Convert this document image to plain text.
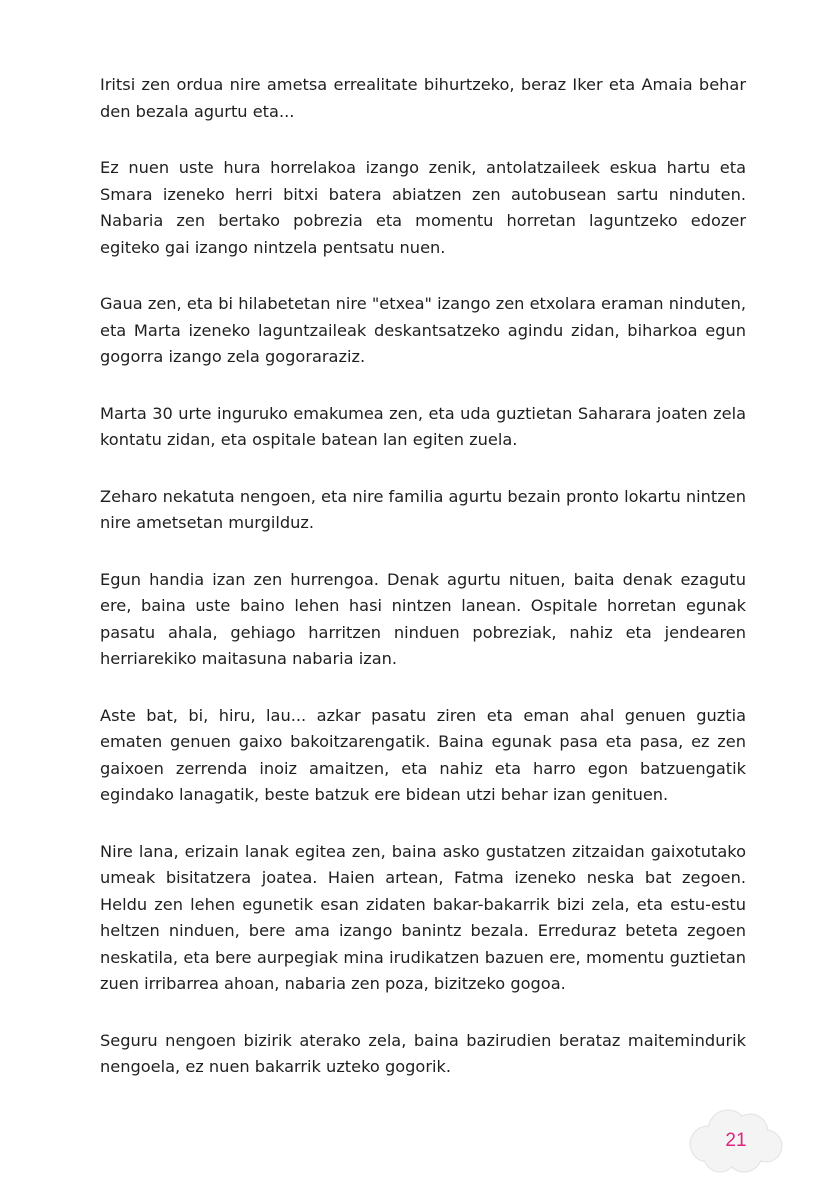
Iritsi zen ordua nire ametsa errealitate bihurtzeko, beraz Iker eta Amaia behar den bezala agurtu eta...

Ez nuen uste hura horrelakoa izango zenik, antolatzaileek eskua hartu eta Smara izeneko herri bitxi batera abiatzen zen autobusean sartu ninduten. Nabaria zen bertako pobrezia eta momentu horretan laguntzeko edozer egiteko gai izango nintzela pentsatu nuen.

Gaua zen, eta bi hilabetetan nire "etxea" izango zen etxolara eraman ninduten, eta Marta izeneko laguntzaileak deskantsatzeko agindu zidan, biharkoa egun gogorra izango zela gogoraraziz.

Marta 30 urte inguruko emakumea zen, eta uda guztietan Saharara joaten zela kontatu zidan, eta ospitale batean lan egiten zuela.

Zeharo nekatuta nengoen, eta nire familia agurtu bezain pronto lokartu nintzen nire ametsetan murgilduz.

Egun handia izan zen hurrengoa. Denak agurtu nituen, baita denak ezagutu ere, baina uste baino lehen hasi nintzen lanean. Ospitale horretan egunak pasatu ahala, gehiago harritzen ninduen pobreziak, nahiz eta jendearen herriarekiko maitasuna nabaria izan.

Aste bat, bi, hiru, lau... azkar pasatu ziren eta eman ahal genuen guztia ematen genuen gaixo bakoitzarengatik. Baina egunak pasa eta pasa, ez zen gaixoen zerrenda inoiz amaitzen, eta nahiz eta harro egon batzuengatik egindako lanagatik, beste batzuk ere bidean utzi behar izan genituen.

Nire lana, erizain lanak egitea zen, baina asko gustatzen zitzaidan gaixotutako umeak bisitatzera joatea. Haien artean, Fatma izeneko neska bat zegoen. Heldu zen lehen egunetik esan zidaten bakar-bakarrik bizi zela, eta estu-estu heltzen ninduen, bere ama izango banintz bezala. Erreduraz beteta zegoen neskatila, eta bere aurpegiak mina irudikatzen bazuen ere, momentu guztietan zuen irribarrea ahoan, nabaria zen poza, bizitzeko gogoa.

Seguru nengoen bizirik aterako zela, baina bazirudien berataz maitemindurik nengoela, ez nuen bakarrik uzteko gogorik.

21
